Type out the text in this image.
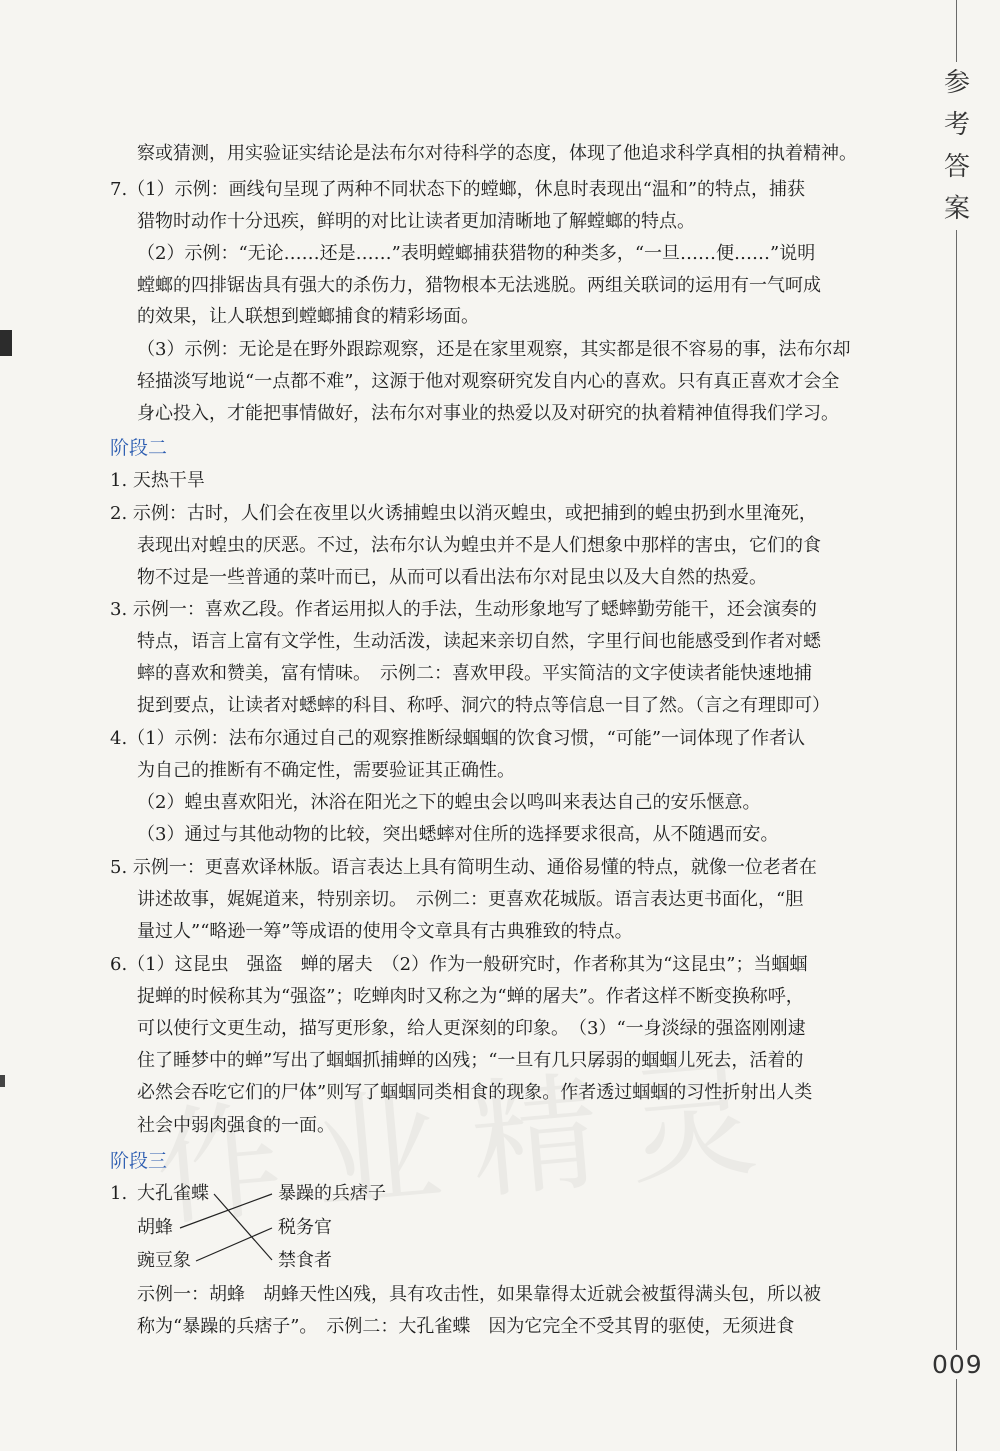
参
考
答
案
察或猜测，用实验证实结论是法布尔对待科学的态度，体现了他追求科学真相的执着精神。
7.（1）示例：画线句呈现了两种不同状态下的螳螂，休息时表现出“温和”的特点，捕获
猎物时动作十分迅疾，鲜明的对比让读者更加清晰地了解螳螂的特点。
（2）示例：“无论……还是……”表明螳螂捕获猎物的种类多，“一旦……便……”说明
螳螂的四排锯齿具有强大的杀伤力，猎物根本无法逃脱。两组关联词的运用有一气呵成
的效果，让人联想到螳螂捕食的精彩场面。
（3）示例：无论是在野外跟踪观察，还是在家里观察，其实都是很不容易的事，法布尔却
轻描淡写地说“一点都不难”，这源于他对观察研究发自内心的喜欢。只有真正喜欢才会全
身心投入，才能把事情做好，法布尔对事业的热爱以及对研究的执着精神值得我们学习。
阶段二
1. 天热干旱
2. 示例：古时，人们会在夜里以火诱捕蝗虫以消灭蝗虫，或把捕到的蝗虫扔到水里淹死，
表现出对蝗虫的厌恶。不过，法布尔认为蝗虫并不是人们想象中那样的害虫，它们的食
物不过是一些普通的菜叶而已，从而可以看出法布尔对昆虫以及大自然的热爱。
3. 示例一：喜欢乙段。作者运用拟人的手法，生动形象地写了蟋蟀勤劳能干，还会演奏的
特点，语言上富有文学性，生动活泼，读起来亲切自然，字里行间也能感受到作者对蟋
蟀的喜欢和赞美，富有情味。　示例二：喜欢甲段。平实简洁的文字使读者能快速地捕
捉到要点，让读者对蟋蟀的科目、称呼、洞穴的特点等信息一目了然。（言之有理即可）
4.（1）示例：法布尔通过自己的观察推断绿蝈蝈的饮食习惯，“可能”一词体现了作者认
为自己的推断有不确定性，需要验证其正确性。
（2）蝗虫喜欢阳光，沐浴在阳光之下的蝗虫会以鸣叫来表达自己的安乐惬意。
（3）通过与其他动物的比较，突出蟋蟀对住所的选择要求很高，从不随遇而安。
5. 示例一：更喜欢译林版。语言表达上具有简明生动、通俗易懂的特点，就像一位老者在
讲述故事，娓娓道来，特别亲切。　示例二：更喜欢花城版。语言表达更书面化，“胆
量过人”“略逊一筹”等成语的使用令文章具有古典雅致的特点。
6.（1）这昆虫　强盗　蝉的屠夫　（2）作为一般研究时，作者称其为“这昆虫”；当蝈蝈
捉蝉的时候称其为“强盗”；吃蝉肉时又称之为“蝉的屠夫”。作者这样不断变换称呼，
可以使行文更生动，描写更形象，给人更深刻的印象。　（3）“一身淡绿的强盗刚刚逮
住了睡梦中的蝉”写出了蝈蝈抓捕蝉的凶残；“一旦有几只孱弱的蝈蝈儿死去，活着的
必然会吞吃它们的尸体”则写了蝈蝈同类相食的现象。作者透过蝈蝈的习性折射出人类
社会中弱肉强食的一面。
阶段三
1. 大孔雀蝶
胡蜂
豌豆象
暴躁的兵痞子
税务官
禁食者
示例一：胡蜂　胡蜂天性凶残，具有攻击性，如果靠得太近就会被蜇得满头包，所以被
称为“暴躁的兵痞子”。　示例二：大孔雀蝶　因为它完全不受其胃的驱使，无须进食
009
